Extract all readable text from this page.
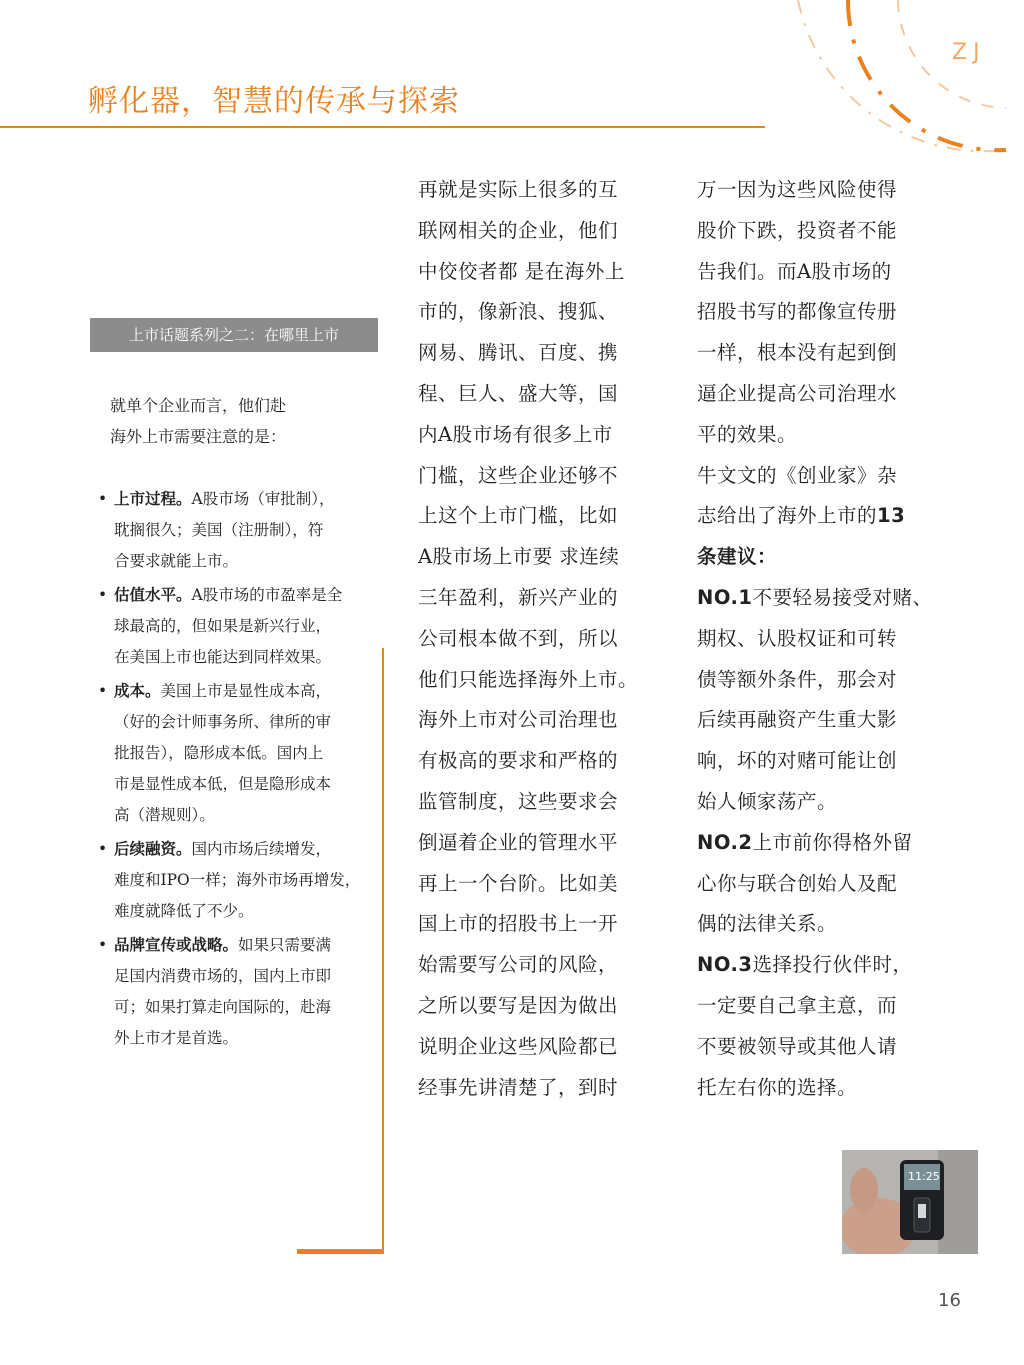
孵化器，智慧的传承与探索
ZJ
上市话题系列之二：在哪里上市
就单个企业而言，他们赴
海外上市需要注意的是：
• 上市过程。A股市场（审批制），
耽搁很久；美国（注册制），符
合要求就能上市。
• 估值水平。A股市场的市盈率是全
球最高的，但如果是新兴行业，
在美国上市也能达到同样效果。
• 成本。美国上市是显性成本高，
（好的会计师事务所、律所的审
批报告），隐形成本低。国内上
市是显性成本低，但是隐形成本
高（潜规则）。
• 后续融资。国内市场后续增发，
难度和IPO一样；海外市场再增发，
难度就降低了不少。
• 品牌宣传或战略。如果只需要满
足国内消费市场的，国内上市即
可；如果打算走向国际的，赴海
外上市才是首选。
再就是实际上很多的互
联网相关的企业，他们
中佼佼者都 是在海外上
市的，像新浪、搜狐、
网易、腾讯、百度、携
程、巨人、盛大等，国
内A股市场有很多上市
门槛，这些企业还够不
上这个上市门槛，比如
A股市场上市要 求连续
三年盈利，新兴产业的
公司根本做不到，所以
他们只能选择海外上市。
海外上市对公司治理也
有极高的要求和严格的
监管制度，这些要求会
倒逼着企业的管理水平
再上一个台阶。比如美
国上市的招股书上一开
始需要写公司的风险，
之所以要写是因为做出
说明企业这些风险都已
经事先讲清楚了，到时
万一因为这些风险使得
股价下跌，投资者不能
告我们。而A股市场的
招股书写的都像宣传册
一样，根本没有起到倒
逼企业提高公司治理水
平的效果。
牛文文的《创业家》杂
志给出了海外上市的13
条建议：
NO.1不要轻易接受对赌、
期权、认股权证和可转
债等额外条件，那会对
后续再融资产生重大影
响，坏的对赌可能让创
始人倾家荡产。
NO.2上市前你得格外留
心你与联合创始人及配
偶的法律关系。
NO.3选择投行伙伴时，
一定要自己拿主意，而
不要被领导或其他人请
托左右你的选择。
11:25
16
